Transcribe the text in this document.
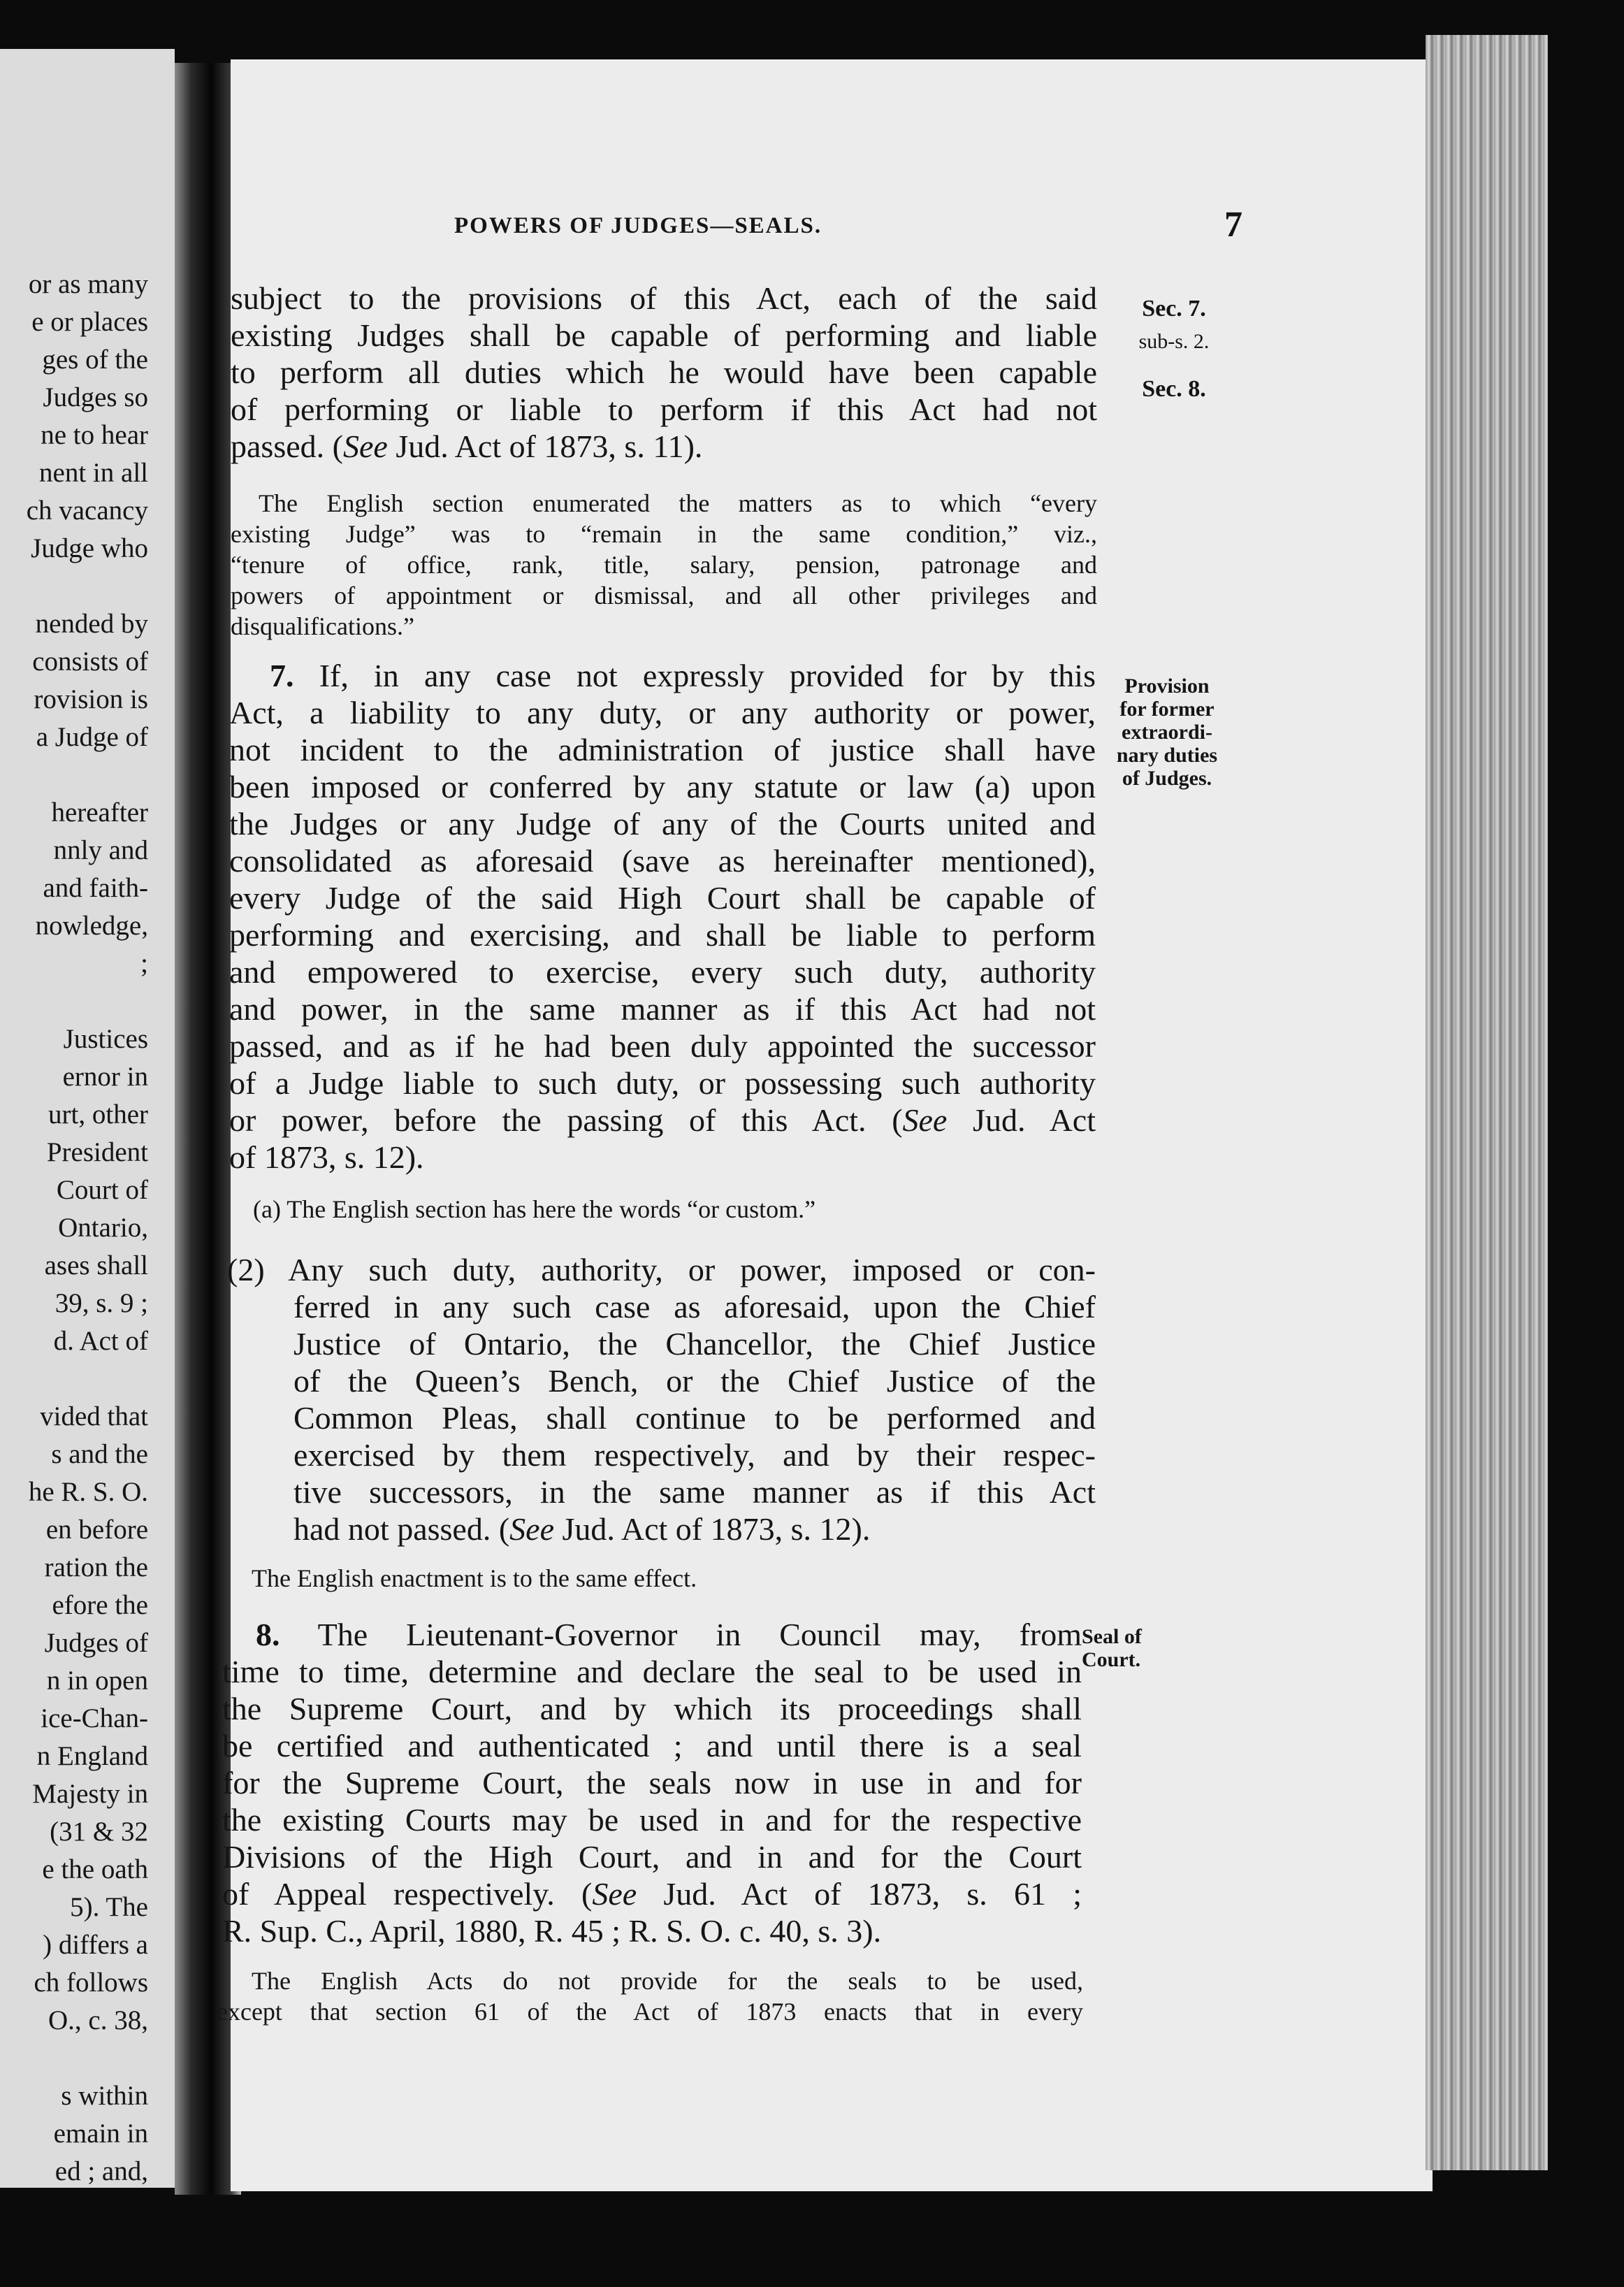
or as many
e or places
ges of the
Judges so
ne to hear
nent in all
ch vacancy
Judge who
nended by
consists of
rovision is
a Judge of
hereafter
nnly and
and faith-
nowledge,
;
Justices
ernor in
urt, other
President
Court of
Ontario,
ases shall
39, s. 9 ;
d. Act of
vided that
s and the
he R. S. O.
en before
ration the
efore the
Judges of
n in open
ice-Chan-
n England
Majesty in
(31 & 32
e the oath
5). The
) differs a
ch follows
O., c. 38,
s within
emain in
ed ; and,
POWERS OF JUDGES—SEALS.	7
subject to the provisions of this Act, each of the said
existing Judges shall be capable of performing and liable
to perform all duties which he would have been capable
of performing or liable to perform if this Act had not
passed. (See Jud. Act of 1873, s. 11).
The English section enumerated the matters as to which “every
existing Judge” was to “remain in the same condition,” viz.,
“tenure of office, rank, title, salary, pension, patronage and
powers of appointment or dismissal, and all other privileges and
disqualifications.”
7. If, in any case not expressly provided for by this
Act, a liability to any duty, or any authority or power,
not incident to the administration of justice shall have
been imposed or conferred by any statute or law (a) upon
the Judges or any Judge of any of the Courts united and
consolidated as aforesaid (save as hereinafter mentioned),
every Judge of the said High Court shall be capable of
performing and exercising, and shall be liable to perform
and empowered to exercise, every such duty, authority
and power, in the same manner as if this Act had not
passed, and as if he had been duly appointed the successor
of a Judge liable to such duty, or possessing such authority
or power, before the passing of this Act. (See Jud. Act
of 1873, s. 12).
(a) The English section has here the words “or custom.”
(2) Any such duty, authority, or power, imposed or con-
ferred in any such case as aforesaid, upon the Chief
Justice of Ontario, the Chancellor, the Chief Justice
of the Queen’s Bench, or the Chief Justice of the
Common Pleas, shall continue to be performed and
exercised by them respectively, and by their respec-
tive successors, in the same manner as if this Act
had not passed. (See Jud. Act of 1873, s. 12).
The English enactment is to the same effect.
8. The Lieutenant-Governor in Council may, from
time to time, determine and declare the seal to be used in
the Supreme Court, and by which its proceedings shall
be certified and authenticated ; and until there is a seal
for the Supreme Court, the seals now in use in and for
the existing Courts may be used in and for the respective
Divisions of the High Court, and in and for the Court
of Appeal respectively. (See Jud. Act of 1873, s. 61 ;
R. Sup. C., April, 1880, R. 45 ; R. S. O. c. 40, s. 3).
The English Acts do not provide for the seals to be used,
except that section 61 of the Act of 1873 enacts that in every
Sec. 7.
sub-s. 2.
Sec. 8.
Provision
for former
extraordi-
nary duties
of Judges.
Seal of
Court.
